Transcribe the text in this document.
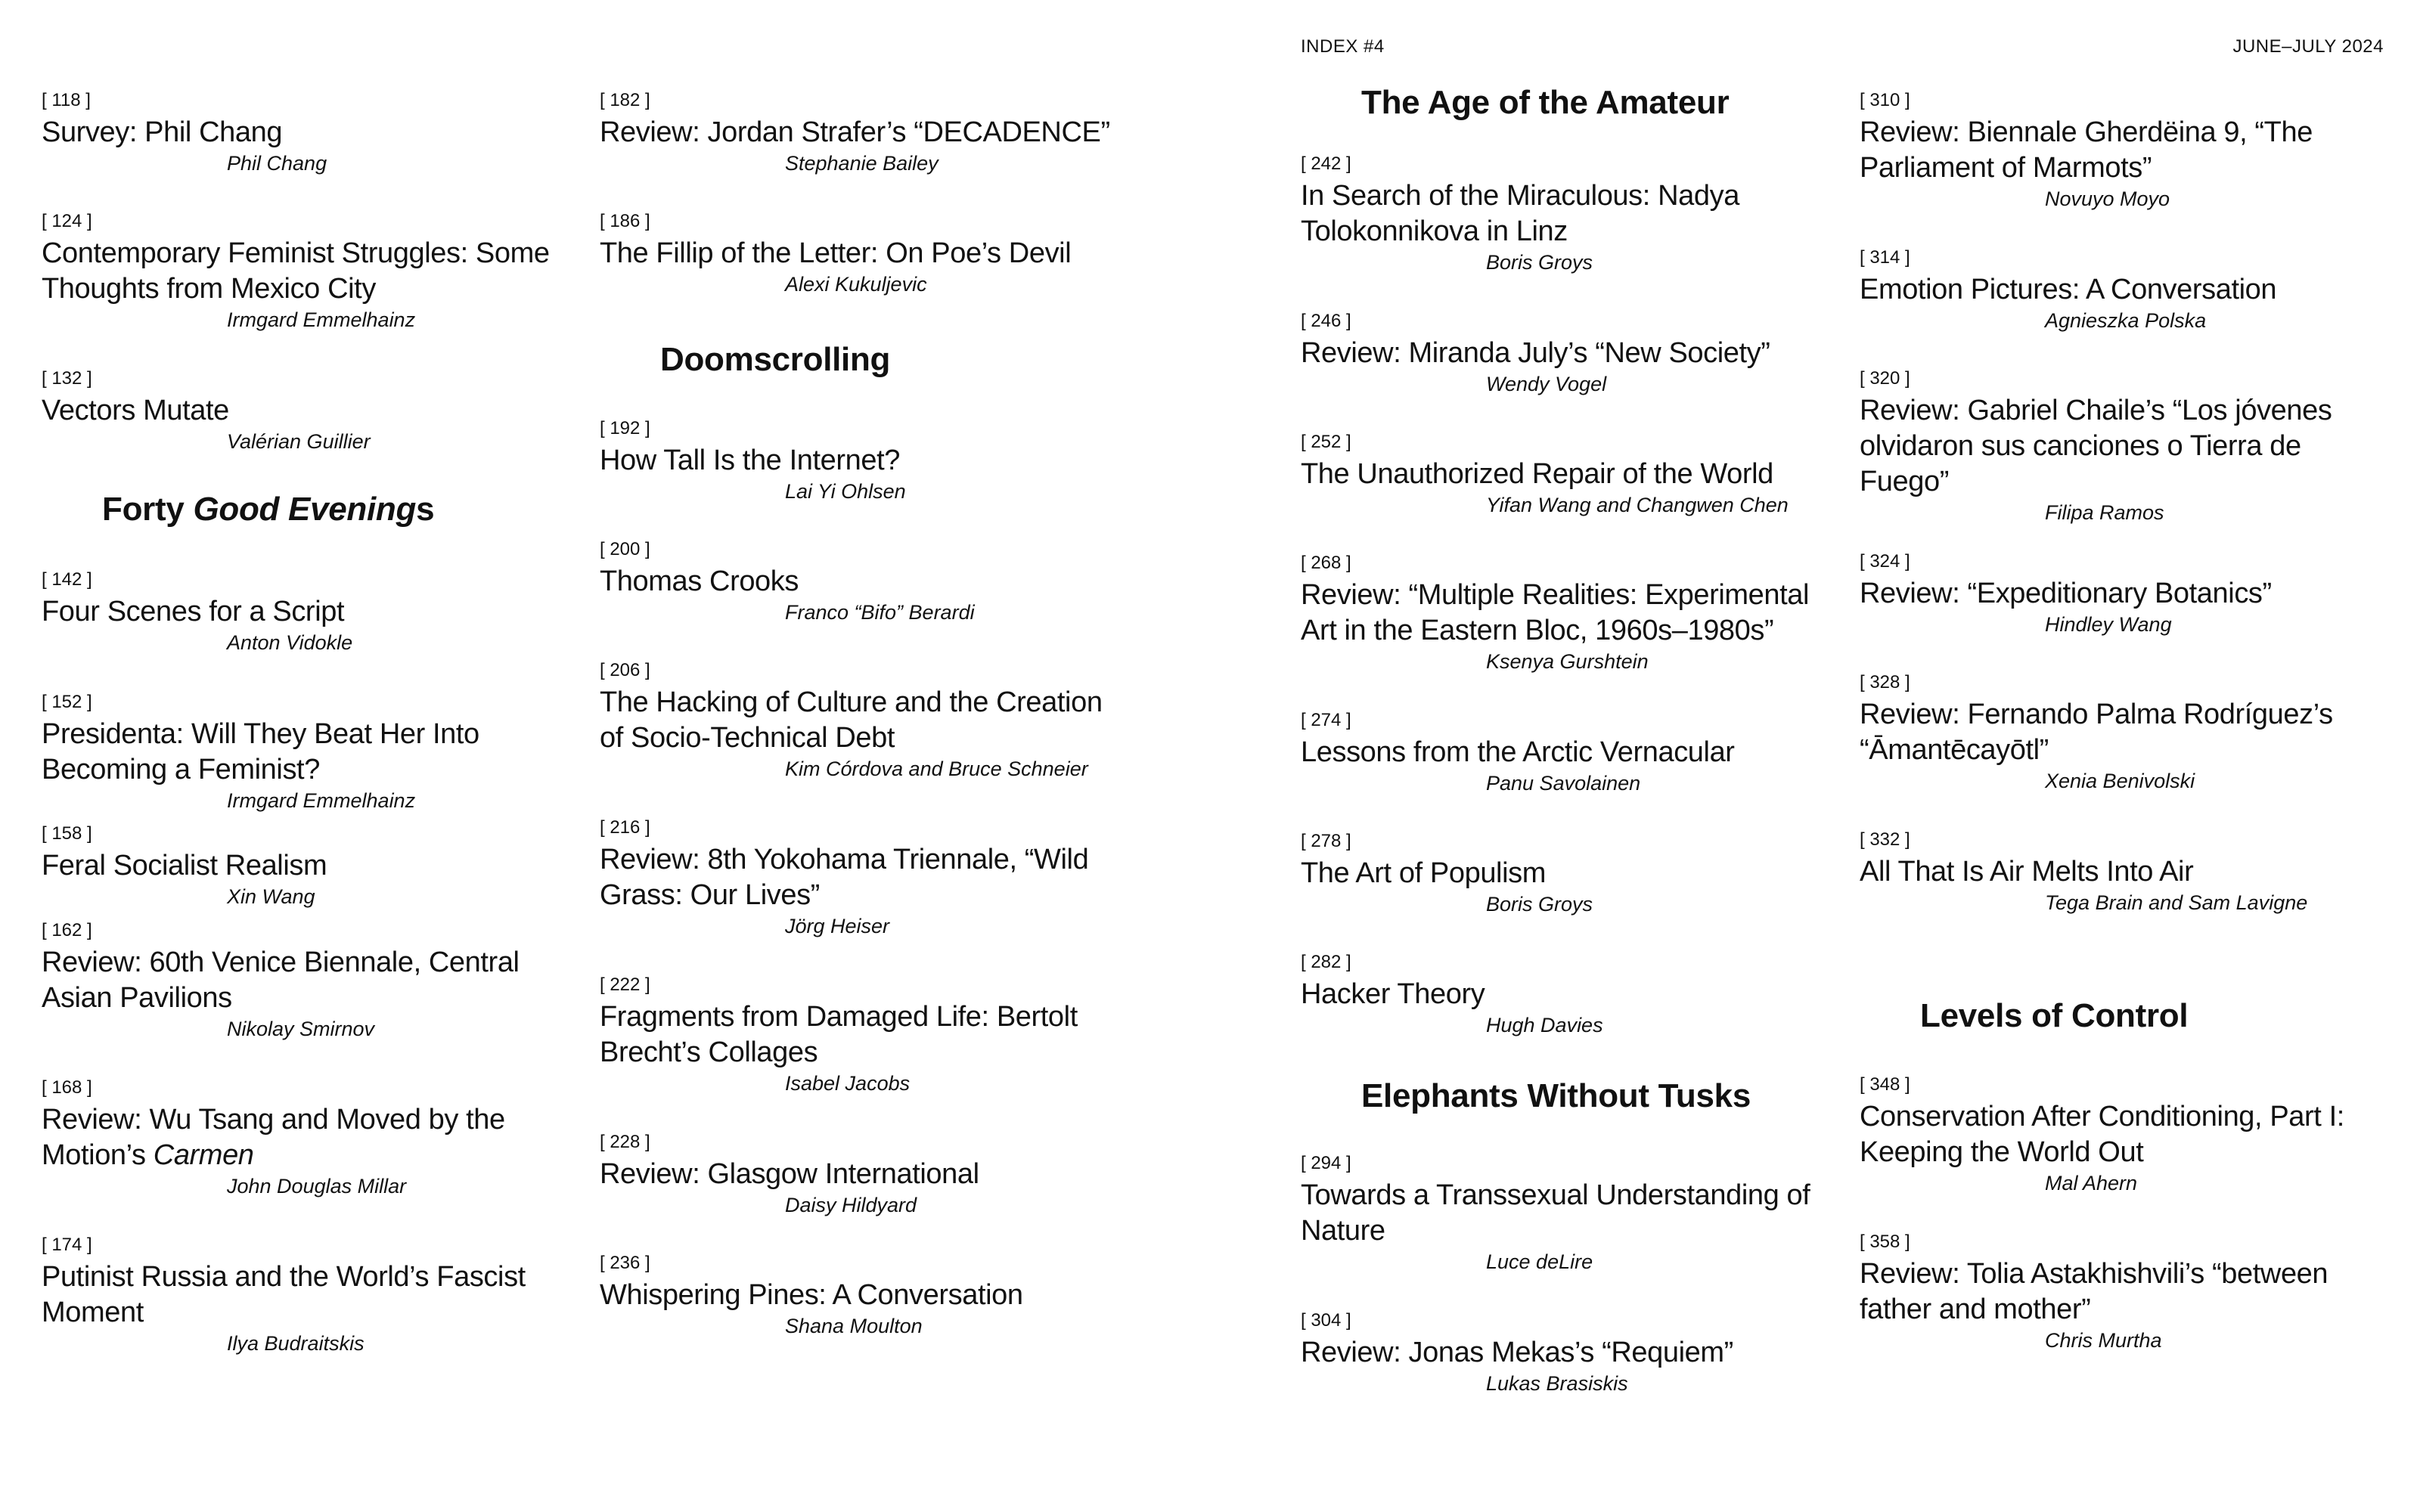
INDEX #4	JUNE–JULY 2024
[ 118 ]
Survey: Phil Chang
Phil Chang
[ 124 ]
Contemporary Feminist Struggles: Some Thoughts from Mexico City
Irmgard Emmelhainz
[ 132 ]
Vectors Mutate
Valérian Guillier
Forty Good Evenings
[ 142 ]
Four Scenes for a Script
Anton Vidokle
[ 152 ]
Presidenta: Will They Beat Her Into Becoming a Feminist?
Irmgard Emmelhainz
[ 158 ]
Feral Socialist Realism
Xin Wang
[ 162 ]
Review: 60th Venice Biennale, Central Asian Pavilions
Nikolay Smirnov
[ 168 ]
Review: Wu Tsang and Moved by the Motion’s Carmen
John Douglas Millar
[ 174 ]
Putinist Russia and the World’s Fascist Moment
Ilya Budraitskis
[ 182 ]
Review: Jordan Strafer’s “DECADENCE”
Stephanie Bailey
[ 186 ]
The Fillip of the Letter: On Poe’s Devil
Alexi Kukuljevic
Doomscrolling
[ 192 ]
How Tall Is the Internet?
Lai Yi Ohlsen
[ 200 ]
Thomas Crooks
Franco “Bifo” Berardi
[ 206 ]
The Hacking of Culture and the Creation of Socio-Technical Debt
Kim Córdova and Bruce Schneier
[ 216 ]
Review: 8th Yokohama Triennale, “Wild Grass: Our Lives”
Jörg Heiser
[ 222 ]
Fragments from Damaged Life: Bertolt Brecht’s Collages
Isabel Jacobs
[ 228 ]
Review: Glasgow International
Daisy Hildyard
[ 236 ]
Whispering Pines: A Conversation
Shana Moulton
The Age of the Amateur
[ 242 ]
In Search of the Miraculous: Nadya Tolokonnikova in Linz
Boris Groys
[ 246 ]
Review: Miranda July’s “New Society”
Wendy Vogel
[ 252 ]
The Unauthorized Repair of the World
Yifan Wang and Changwen Chen
[ 268 ]
Review: “Multiple Realities: Experimental Art in the Eastern Bloc, 1960s–1980s”
Ksenya Gurshtein
[ 274 ]
Lessons from the Arctic Vernacular
Panu Savolainen
[ 278 ]
The Art of Populism
Boris Groys
[ 282 ]
Hacker Theory
Hugh Davies
Elephants Without Tusks
[ 294 ]
Towards a Transsexual Understanding of Nature
Luce deLire
[ 304 ]
Review: Jonas Mekas’s “Requiem”
Lukas Brasiskis
[ 310 ]
Review: Biennale Gherdëina 9, “The Parliament of Marmots”
Novuyo Moyo
[ 314 ]
Emotion Pictures: A Conversation
Agnieszka Polska
[ 320 ]
Review: Gabriel Chaile’s “Los jóvenes olvidaron sus canciones o Tierra de Fuego”
Filipa Ramos
[ 324 ]
Review: “Expeditionary Botanics”
Hindley Wang
[ 328 ]
Review: Fernando Palma Rodríguez’s “Āmantēcayōtl”
Xenia Benivolski
[ 332 ]
All That Is Air Melts Into Air
Tega Brain and Sam Lavigne
Levels of Control
[ 348 ]
Conservation After Conditioning, Part I: Keeping the World Out
Mal Ahern
[ 358 ]
Review: Tolia Astakhishvili’s “between father and mother”
Chris Murtha
